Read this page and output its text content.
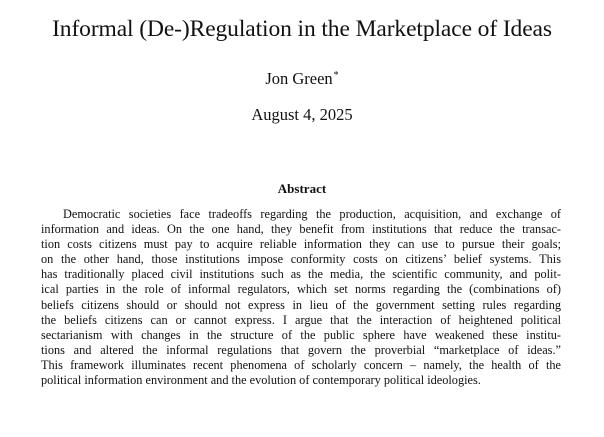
Informal (De-)Regulation in the Marketplace of Ideas
Jon Green*
August 4, 2025
Abstract
Democratic societies face tradeoffs regarding the production, acquisition, and exchange of
information and ideas. On the one hand, they benefit from institutions that reduce the transac-
tion costs citizens must pay to acquire reliable information they can use to pursue their goals;
on the other hand, those institutions impose conformity costs on citizens’ belief systems. This
has traditionally placed civil institutions such as the media, the scientific community, and polit-
ical parties in the role of informal regulators, which set norms regarding the (combinations of)
beliefs citizens should or should not express in lieu of the government setting rules regarding
the beliefs citizens can or cannot express. I argue that the interaction of heightened political
sectarianism with changes in the structure of the public sphere have weakened these institu-
tions and altered the informal regulations that govern the proverbial “marketplace of ideas.”
This framework illuminates recent phenomena of scholarly concern – namely, the health of the
political information environment and the evolution of contemporary political ideologies.
